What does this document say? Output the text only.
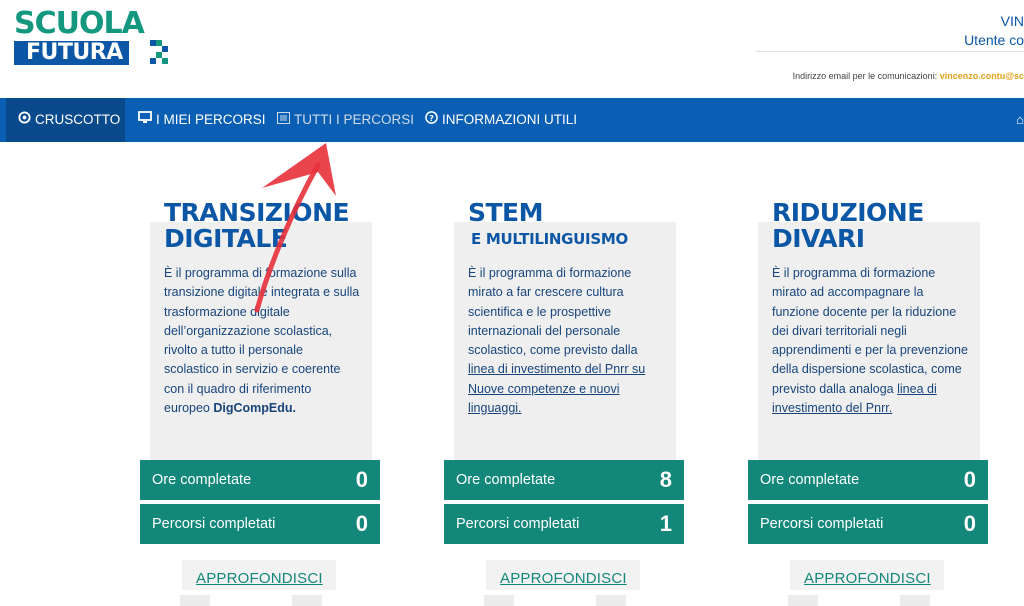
SCUOLA
FUTURA
VIN
Utente co
Indirizzo email per le comunicazioni: vincenzo.contu@sc
CRUSCOTTO	I MIEI PERCORSI	TUTTI I PERCORSI ? INFORMAZIONI UTILI	⌂
TRANSIZIONE
DIGITALE
È il programma di formazione sulla transizione digitale integrata e sulla trasformazione digitale dell’organizzazione scolastica, rivolto a tutto il personale scolastico in servizio e coerente con il quadro di riferimento europeo DigCompEdu.
Ore completate	0
Percorsi completati	0
APPROFONDISCI
STEM
E MULTILINGUISMO
È il programma di formazione mirato a far crescere cultura scientifica e le prospettive internazionali del personale scolastico, come previsto dalla linea di investimento del Pnrr su Nuove competenze e nuovi linguaggi.
Ore completate	8
Percorsi completati	1
APPROFONDISCI
RIDUZIONE
DIVARI
È il programma di formazione mirato ad accompagnare la funzione docente per la riduzione dei divari territoriali negli apprendimenti e per la prevenzione della dispersione scolastica, come previsto dalla analoga linea di investimento del Pnrr.
Ore completate	0
Percorsi completati	0
APPROFONDISCI
